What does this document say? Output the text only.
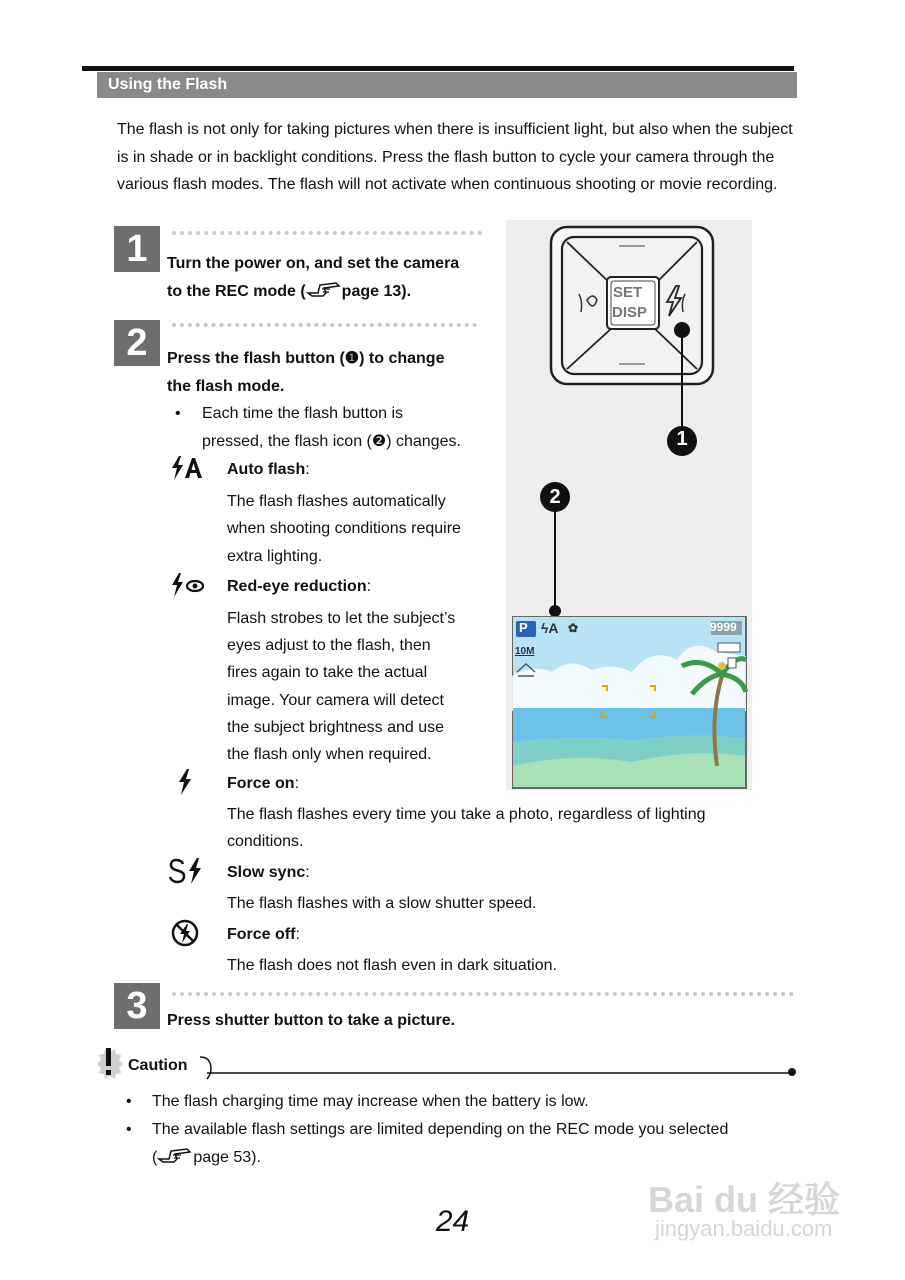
Using the Flash
The flash is not only for taking pictures when there is insufficient light, but also when the subject is in shade or in backlight conditions. Press the flash button to cycle your camera through the various flash modes. The flash will not activate when continuous shooting or movie recording.
1	Turn the power on, and set the camera
to the REC mode ( page 13).
2	Press the flash button (❶) to change
the flash mode.
• Each time the flash button is
pressed, the flash icon (❷) changes.
Auto flash:
The flash flashes automatically
when shooting conditions require
extra lighting.
Red-eye reduction:
Flash strobes to let the subject’s
eyes adjust to the flash, then
fires again to take the actual
image. Your camera will detect
the subject brightness and use
the flash only when required.
Force on:
The flash flashes every time you take a photo, regardless of lighting
conditions.
Slow sync:
The flash flashes with a slow shutter speed.
Force off:
The flash does not flash even in dark situation.
3	Press shutter button to take a picture.
Caution
• The flash charging time may increase when the battery is low.
• The available flash settings are limited depending on the REC mode you selected
( page 53).
24
SET
DISP
1
2
P ϟA ✿	9999
10M
Bai du 经验
jingyan.baidu.com
